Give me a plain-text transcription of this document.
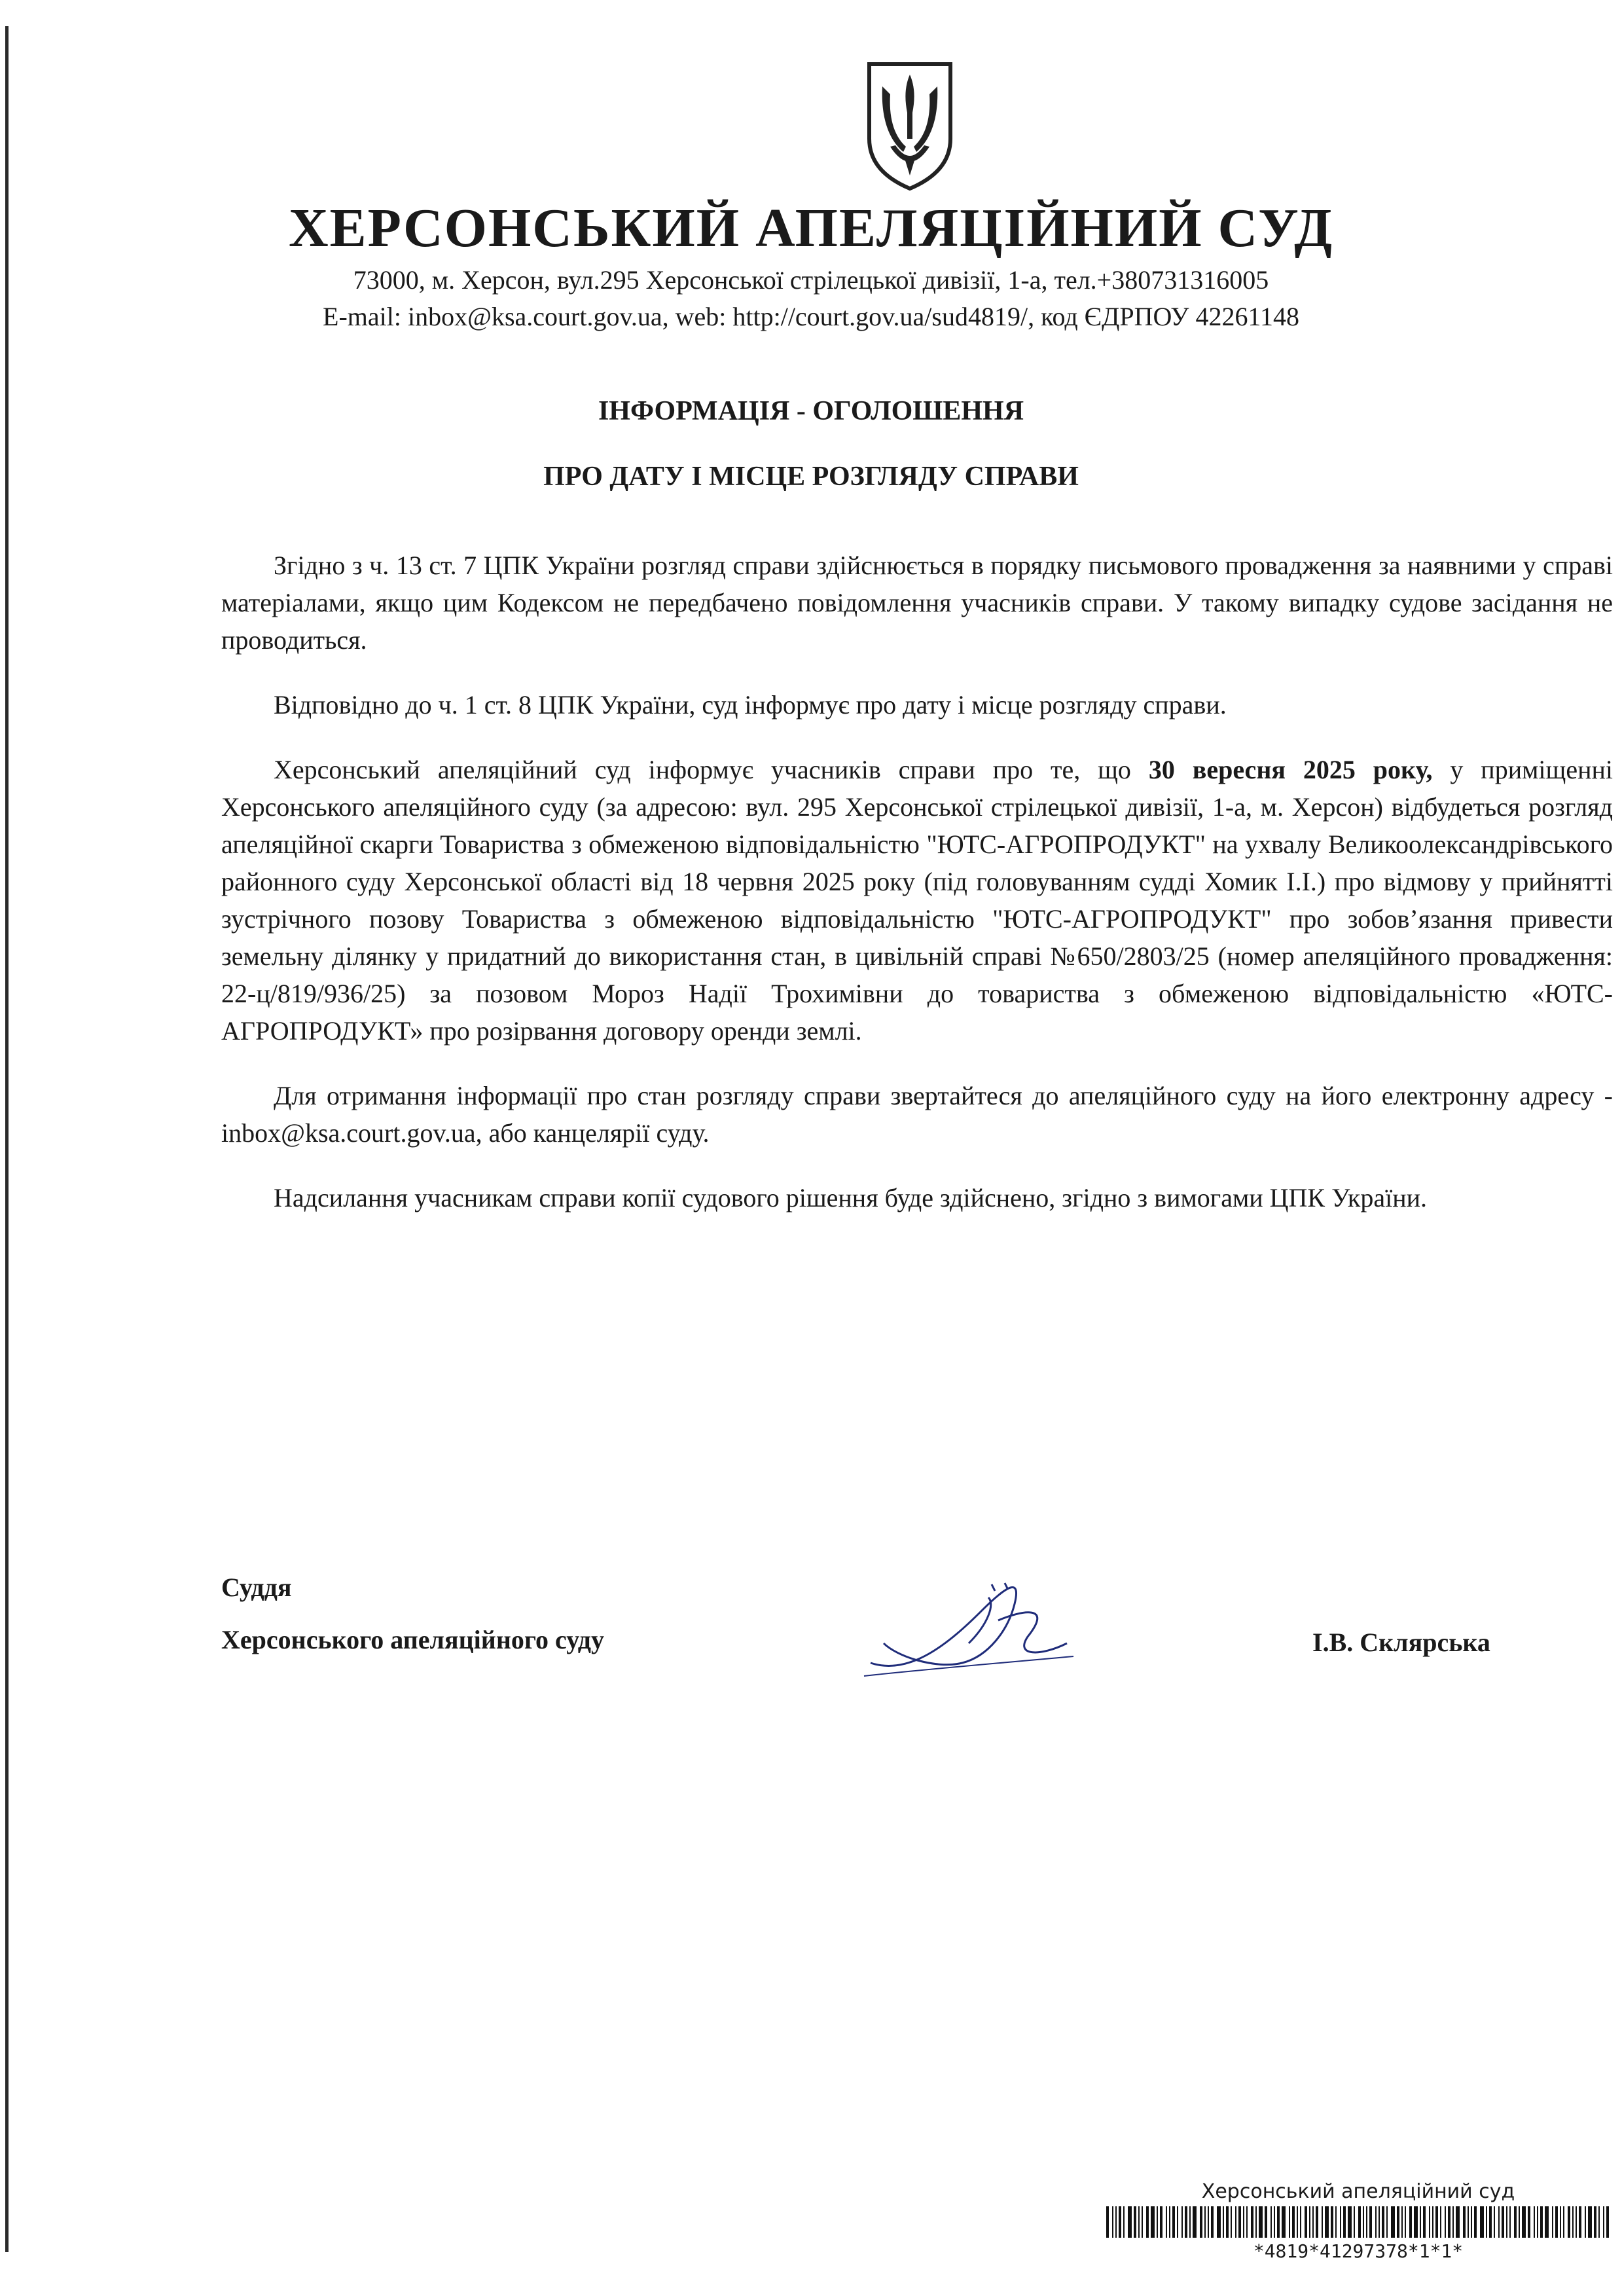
ХЕРСОНСЬКИЙ АПЕЛЯЦІЙНИЙ СУД
73000, м. Херсон, вул.295 Херсонської стрілецької дивізії, 1-а, тел.+380731316005
E-mail: inbox@ksa.court.gov.ua, web: http://court.gov.ua/sud4819/, код ЄДРПОУ 42261148
ІНФОРМАЦІЯ - ОГОЛОШЕННЯ
ПРО ДАТУ І МІСЦЕ РОЗГЛЯДУ СПРАВИ

Згідно з ч. 13 ст. 7 ЦПК України розгляд справи здійснюється в порядку письмового провадження за наявними у справі матеріалами, якщо цим Кодексом не передбачено повідомлення учасників справи. У такому випадку судове засідання не проводиться.

Відповідно до ч. 1 ст. 8 ЦПК України, суд інформує про дату і місце розгляду справи.

Херсонський апеляційний суд інформує учасників справи про те, що 30 вересня 2025 року, у приміщенні Херсонського апеляційного суду (за адресою: вул. 295 Херсонської стрілецької дивізії, 1-а, м. Херсон) відбудеться розгляд апеляційної скарги Товариства з обмеженою відповідальністю "ЮТС-АГРОПРОДУКТ" на ухвалу Великоолександрівського районного суду Херсонської області від 18 червня 2025 року (під головуванням судді Хомик І.І.) про відмову у прийнятті зустрічного позову Товариства з обмеженою відповідальністю "ЮТС-АГРОПРОДУКТ" про зобов’язання привести земельну ділянку у придатний до використання стан, в цивільній справі №650/2803/25 (номер апеляційного провадження: 22-ц/819/936/25) за позовом Мороз Надії Трохимівни до товариства з обмеженою відповідальністю «ЮТС-АГРОПРОДУКТ» про розірвання договору оренди землі.

Для отримання інформації про стан розгляду справи звертайтеся до апеляційного суду на його електронну адресу - inbox@ksa.court.gov.ua, або канцелярії суду.

Надсилання учасникам справи копії судового рішення буде здійснено, згідно з вимогами ЦПК України.

Суддя
Херсонського апеляційного суду	І.В. Склярська
Херсонський апеляційний суд
*4819*41297378*1*1*
